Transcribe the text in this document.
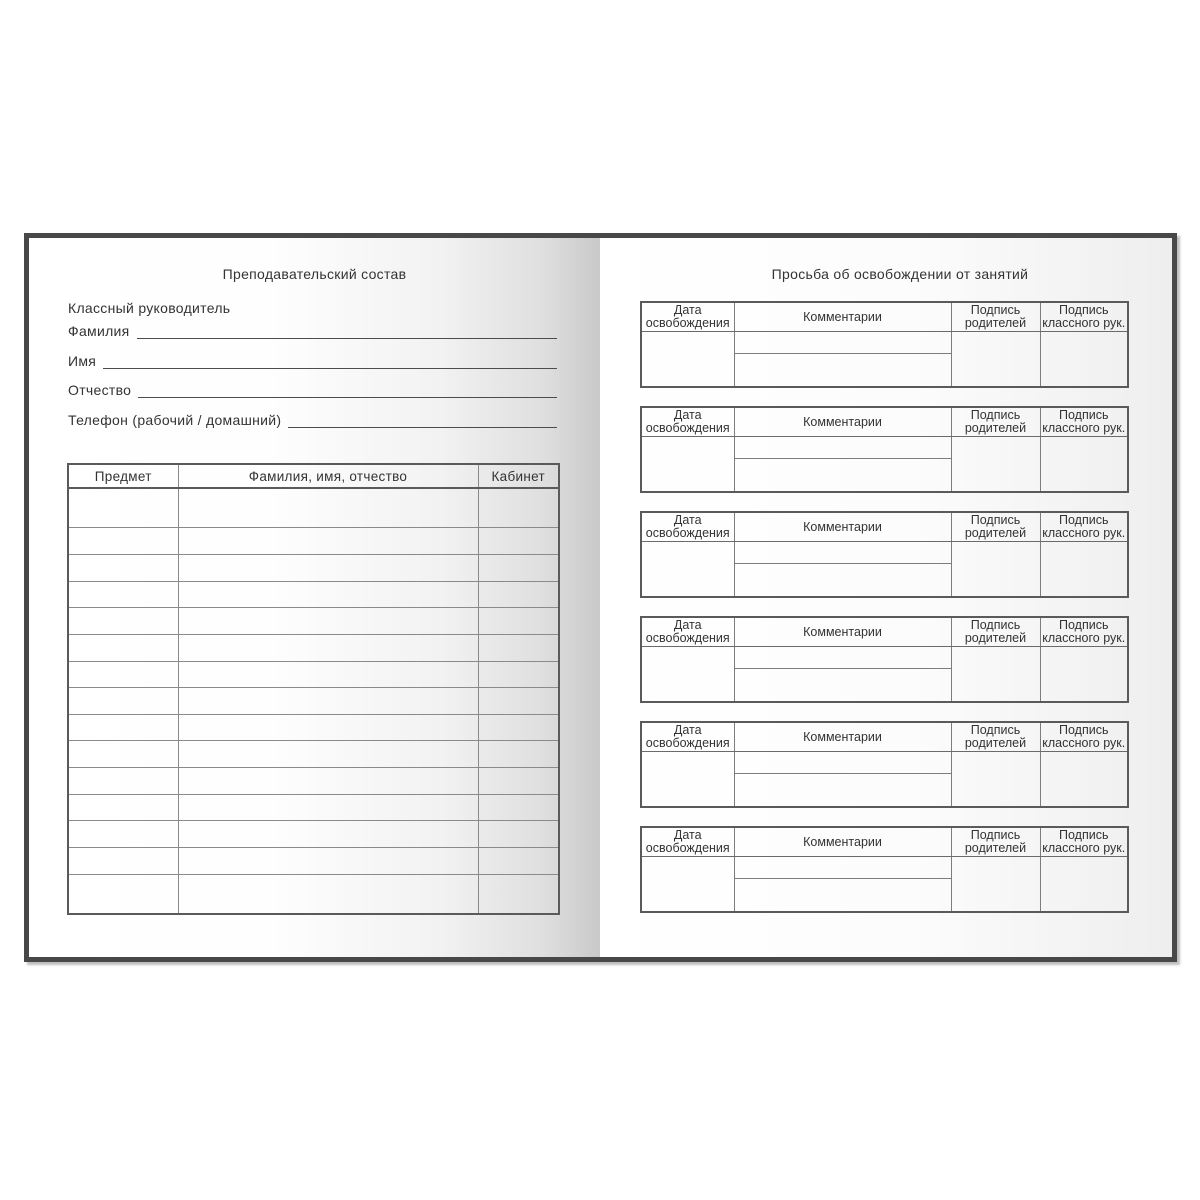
Преподавательский состав
Классный руководитель
Фамилия
Имя
Отчество
Телефон (рабочий / домашний)
Предмет	Фамилия, имя, отчество	Кабинет

Просьба об освобождении от занятий
Дата освобождения	Комментарии	Подпись родителей	Подпись классного рук.

Дата освобождения	Комментарии	Подпись родителей	Подпись классного рук.

Дата освобождения	Комментарии	Подпись родителей	Подпись классного рук.

Дата освобождения	Комментарии	Подпись родителей	Подпись классного рук.

Дата освобождения	Комментарии	Подпись родителей	Подпись классного рук.

Дата освобождения	Комментарии	Подпись родителей	Подпись классного рук.
